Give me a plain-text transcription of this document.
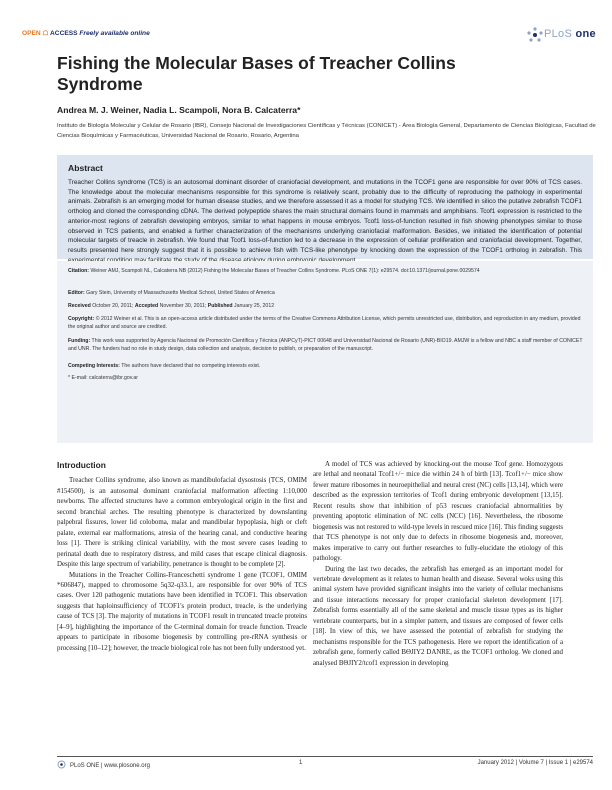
OPEN ☖ ACCESS Freely available online	PLoS one
Fishing the Molecular Bases of Treacher Collins Syndrome
Andrea M. J. Weiner, Nadia L. Scampoli, Nora B. Calcaterra*
Instituto de Biología Molecular y Celular de Rosario (IBR), Consejo Nacional de Investigaciones Científicas y Técnicas (CONICET) - Área Biología General, Departamento de Ciencias Biológicas, Facultad de Ciencias Bioquímicas y Farmacéuticas, Universidad Nacional de Rosario, Rosario, Argentina
Abstract

Treacher Collins syndrome (TCS) is an autosomal dominant disorder of craniofacial development, and mutations in the TCOF1 gene are responsible for over 90% of TCS cases. The knowledge about the molecular mechanisms responsible for this syndrome is relatively scant, probably due to the difficulty of reproducing the pathology in experimental animals. Zebrafish is an emerging model for human disease studies, and we therefore assessed it as a model for studying TCS. We identified in silico the putative zebrafish TCOF1 ortholog and cloned the corresponding cDNA. The derived polypeptide shares the main structural domains found in mammals and amphibians. Tcof1 expression is restricted to the anterior-most regions of zebrafish developing embryos, similar to what happens in mouse embryos. Tcof1 loss-of-function resulted in fish showing phenotypes similar to those observed in TCS patients, and enabled a further characterization of the mechanisms underlying craniofacial malformation. Besides, we initiated the identification of potential molecular targets of treacle in zebrafish. We found that Tcof1 loss-of-function led to a decrease in the expression of cellular proliferation and craniofacial development. Together, results presented here strongly suggest that it is possible to achieve fish with TCS-like phenotype by knocking down the expression of the TCOF1 ortholog in zebrafish. This

Citation: Weiner AMJ, Scampoli NL, Calcaterra NB (2012) Fishing the Molecular Bases of Treacher Collins Syndrome. PLoS ONE 7(1): e29574. doi:10.1371/journal.pone.0029574
Editor: Gary Stein, University of Massachusetts Medical School, United States of America
Received October 20, 2011; Accepted November 30, 2011; Published January 25, 2012
Copyright: © 2012 Weiner et al. This is an open-access article distributed under the terms of the Creative Commons Attribution License, which permits unrestricted use, distribution, and reproduction in any medium, provided the original author and source are credited.
Funding: This work was supported by Agencia Nacional de Promoción Científica y Técnica (ANPCyT)-PICT 00648 and Universidad Nacional de Rosario (UNR)-BIO19. AMJW is a fellow and NBC a staff member of CONICET and UNR. The funders had no role in study design, data collection and analysis, decision to publish, or preparation of the manuscript.
Competing Interests: The authors have declared that no competing interests exist.
* E-mail: calcaterra@ibr.gov.ar
Introduction

Treacher Collins syndrome, also known as mandibulofacial dysostosis (TCS, OMIM #154500), is an autosomal dominant craniofacial malformation affecting 1:10,000 newborns. The affected structures have a common embryological origin in the first and second branchial arches. The resulting phenotype is characterized by downslanting palpebral fissures, lower lid coloboma, malar and mandibular hypoplasia, high or cleft palate, external ear malformations, atresia of the hearing canal, and conductive hearing loss [1]. There is striking clinical variability, with the most severe cases leading to perinatal death due to respiratory distress, and mild cases that escape clinical diagnosis. Despite this large spectrum of variability, penetrance is thought to be complete [2].

Mutations in the Treacher Collins-Franceschetti syndrome 1 gene (TCOF1, OMIM *606847), mapped to chromosome 5q32-q33.1, are responsible for over 90% of TCS cases. Over 120 pathogenic mutations have been identified in TCOF1. This observation suggests that haploinsufficiency of TCOF1's protein product, treacle, is the underlying cause of TCS [3]. The majority of mutations in TCOF1 result in truncated treacle proteins [4–9], highlighting the importance of the C-terminal domain for treacle function. Treacle appears to participate in ribosome biogenesis by controlling pre-rRNA synthesis or processing [10–12]; however, the treacle biological role has not been fully understood yet.

A model of TCS was achieved by knocking-out the mouse Tcof gene. Homozygous are lethal and neonatal Tcof1+/− mice die within 24 h of birth [13]. Tcof1+/− mice show fewer mature ribosomes in neuroepithelial and neural crest (NC) cells [13,14], which were described as the expression territories of Tcof1 during embryonic development [13,15]. Recent results show that inhibition of p53 rescues craniofacial abnormalities by preventing apoptotic elimination of NC cells (NCC) [16]. Nevertheless, the ribosome biogenesis was not restored to wild-type levels in rescued mice [16]. This finding suggests that TCS phenotype is not only due to defects in ribosome biogenesis and, moreover, makes imperative to carry out further researches to fully-elucidate the etiology of this pathology.

During the last two decades, the zebrafish has emerged as an important model for vertebrate development as it relates to human health and disease. Several woks using this animal system have provided significant insights into the variety of cellular mechanisms and tissue interactions necessary for proper craniofacial skeleton development [17]. Zebrafish forms essentially all of the same skeletal and muscle tissue types as its higher vertebrate counterparts, but in a simpler pattern, and tissues are composed of fewer cells [18]. In view of this, we have assessed the potential of zebrafish for studying the mechanisms responsible for the TCS pathogenesis. Here we report the identification of a zebrafish gene, formerly called BΘJIY2 DANRE, as the TCOF1 ortholog. We cloned and analysed BΘJIY2/tcof1 expression in developing

PLoS ONE | www.plosone.org	1	January 2012 | Volume 7 | Issue 1 | e29574
